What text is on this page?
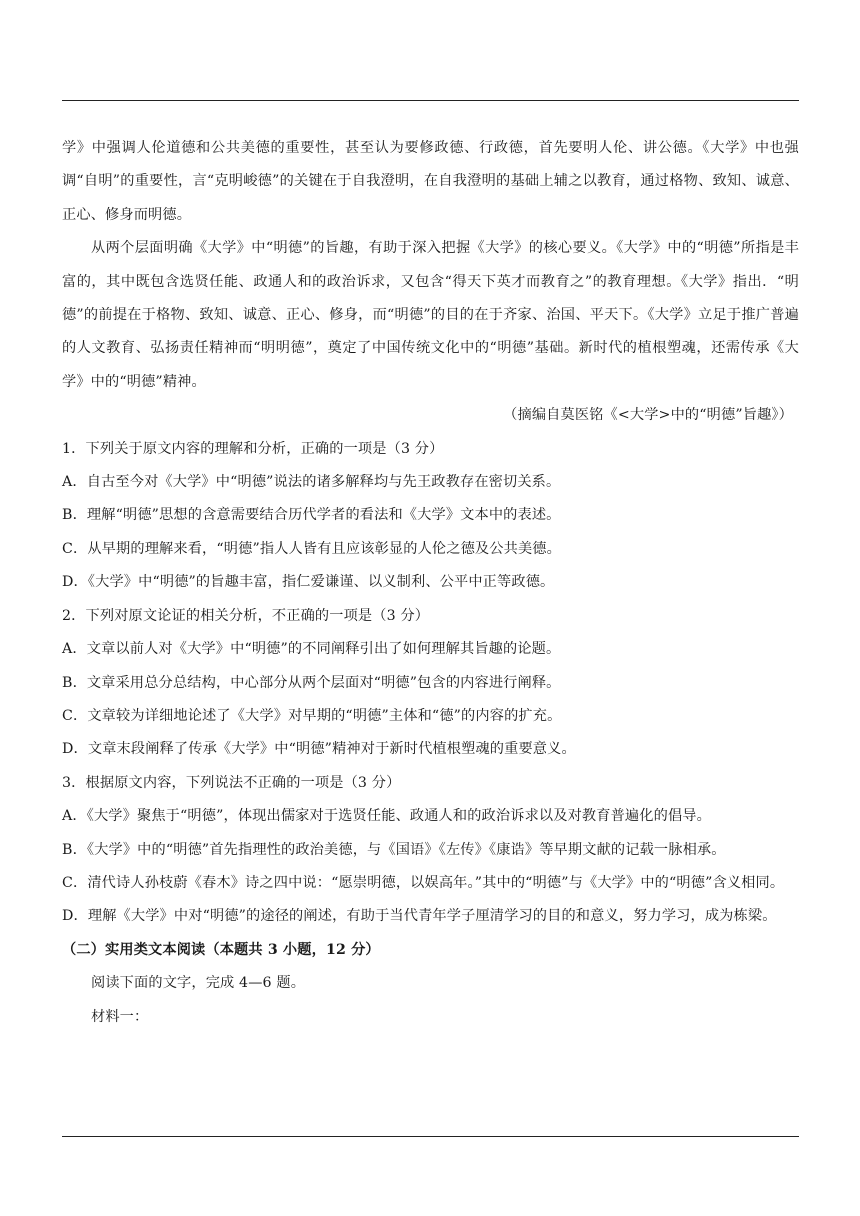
学》中强调人伦道德和公共美德的重要性，甚至认为要修政德、行政德，首先要明人伦、讲公德。《大学》中也强调“自明”的重要性，言“克明峻德”的关键在于自我澄明，在自我澄明的基础上辅之以教育，通过格物、致知、诚意、正心、修身而明德。

从两个层面明确《大学》中“明德”的旨趣，有助于深入把握《大学》的核心要义。《大学》中的“明德”所指是丰富的，其中既包含选贤任能、政通人和的政治诉求，又包含“得天下英才而教育之”的教育理想。《大学》指出．“明德”的前提在于格物、致知、诚意、正心、修身，而“明德”的目的在于齐家、治国、平天下。《大学》立足于推广普遍的人文教育、弘扬责任精神而“明明德”，奠定了中国传统文化中的“明德”基础。新时代的植根塑魂，还需传承《大学》中的“明德”精神。

（摘编自莫医铭《<大学>中的“明德”旨趣》）

1．下列关于原文内容的理解和分析，正确的一项是（3 分）

A．自古至今对《大学》中“明德”说法的诸多解释均与先王政教存在密切关系。

B．理解“明德”思想的含意需要结合历代学者的看法和《大学》文本中的表述。

C．从早期的理解来看，“明德”指人人皆有且应该彰显的人伦之德及公共美德。

D．《大学》中“明德”的旨趣丰富，指仁爱谦谨、以义制利、公平中正等政德。

2．下列对原文论证的相关分析，不正确的一项是（3 分）

A．文章以前人对《大学》中“明德”的不同阐释引出了如何理解其旨趣的论题。

B．文章采用总分总结构，中心部分从两个层面对“明德”包含的内容进行阐释。

C．文章较为详细地论述了《大学》对早期的“明德”主体和“德”的内容的扩充。

D．文章末段阐释了传承《大学》中“明德”精神对于新时代植根塑魂的重要意义。

3．根据原文内容，下列说法不正确的一项是（3 分）

A．《大学》聚焦于“明德”，体现出儒家对于选贤任能、政通人和的政治诉求以及对教育普遍化的倡导。

B．《大学》中的“明德”首先指理性的政治美德，与《国语》《左传》《康诰》等早期文献的记载一脉相承。

C．清代诗人孙枝蔚《春木》诗之四中说：“愿崇明德，以娱高年。”其中的“明德”与《大学》中的“明德”含义相同。

D．理解《大学》中对“明德”的途径的阐述，有助于当代青年学子厘清学习的目的和意义，努力学习，成为栋梁。

（二）实用类文本阅读（本题共 3 小题，12 分）

阅读下面的文字，完成 4—6 题。

材料一：
